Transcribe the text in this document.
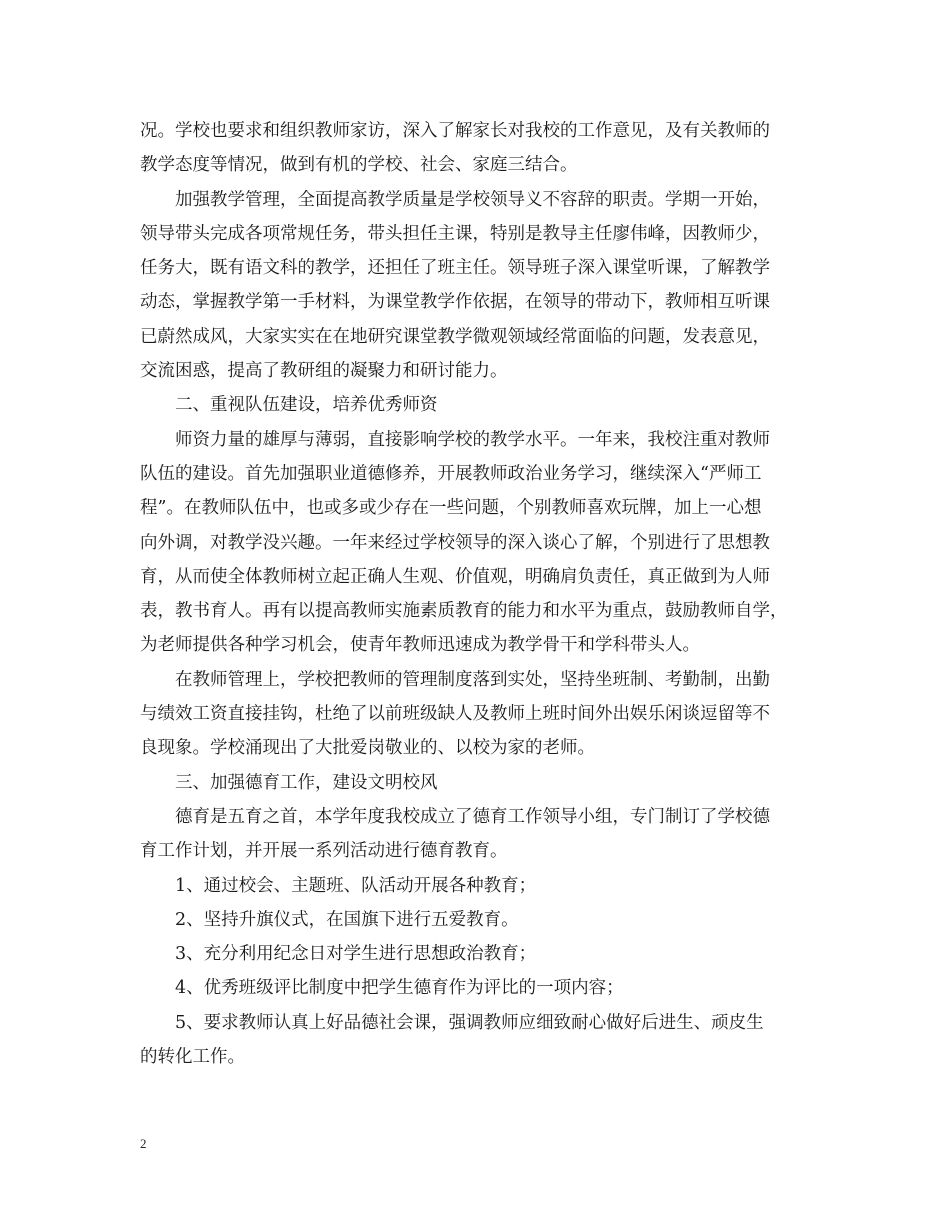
况。学校也要求和组织教师家访，深入了解家长对我校的工作意见，及有关教师的
教学态度等情况，做到有机的学校、社会、家庭三结合。
加强教学管理，全面提高教学质量是学校领导义不容辞的职责。学期一开始，
领导带头完成各项常规任务，带头担任主课，特别是教导主任廖伟峰，因教师少，
任务大，既有语文科的教学，还担任了班主任。领导班子深入课堂听课，了解教学
动态，掌握教学第一手材料，为课堂教学作依据，在领导的带动下，教师相互听课
已蔚然成风，大家实实在在地研究课堂教学微观领域经常面临的问题，发表意见，
交流困惑，提高了教研组的凝聚力和研讨能力。
二、重视队伍建设，培养优秀师资
师资力量的雄厚与薄弱，直接影响学校的教学水平。一年来，我校注重对教师
队伍的建设。首先加强职业道德修养，开展教师政治业务学习，继续深入“严师工
程”。在教师队伍中，也或多或少存在一些问题，个别教师喜欢玩牌，加上一心想
向外调，对教学没兴趣。一年来经过学校领导的深入谈心了解，个别进行了思想教
育，从而使全体教师树立起正确人生观、价值观，明确肩负责任，真正做到为人师
表，教书育人。再有以提高教师实施素质教育的能力和水平为重点，鼓励教师自学，
为老师提供各种学习机会，使青年教师迅速成为教学骨干和学科带头人。
在教师管理上，学校把教师的管理制度落到实处，坚持坐班制、考勤制，出勤
与绩效工资直接挂钩，杜绝了以前班级缺人及教师上班时间外出娱乐闲谈逗留等不
良现象。学校涌现出了大批爱岗敬业的、以校为家的老师。
三、加强德育工作，建设文明校风
德育是五育之首，本学年度我校成立了德育工作领导小组，专门制订了学校德
育工作计划，并开展一系列活动进行德育教育。
1、通过校会、主题班、队活动开展各种教育；
2、坚持升旗仪式，在国旗下进行五爱教育。
3、充分利用纪念日对学生进行思想政治教育；
4、优秀班级评比制度中把学生德育作为评比的一项内容；
5、要求教师认真上好品德社会课，强调教师应细致耐心做好后进生、顽皮生
的转化工作。
2
